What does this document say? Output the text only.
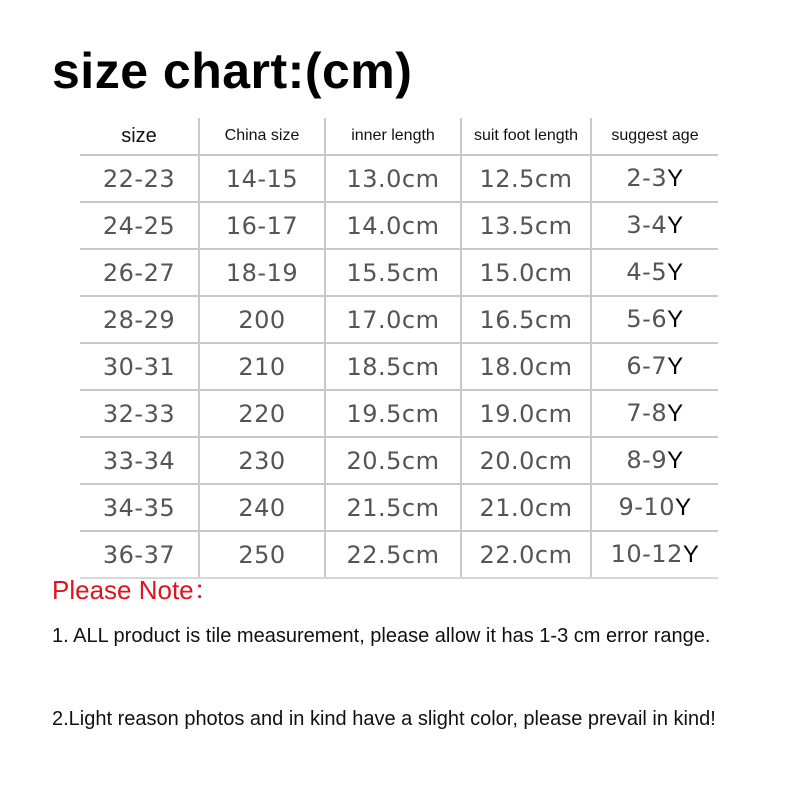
size chart:(cm)
size	China size	inner length	suit foot length	suggest age
22-23	14-15	13.0cm	12.5cm	2-3Y
24-25	16-17	14.0cm	13.5cm	3-4Y
26-27	18-19	15.5cm	15.0cm	4-5Y
28-29	200	17.0cm	16.5cm	5-6Y
30-31	210	18.5cm	18.0cm	6-7Y
32-33	220	19.5cm	19.0cm	7-8Y
33-34	230	20.5cm	20.0cm	8-9Y
34-35	240	21.5cm	21.0cm	9-10Y
36-37	250	22.5cm	22.0cm	10-12Y
Please Note：
1. ALL product is tile measurement, please allow it has 1-3 cm error range.
2.Light reason photos and in kind have a slight color, please prevail in kind!
